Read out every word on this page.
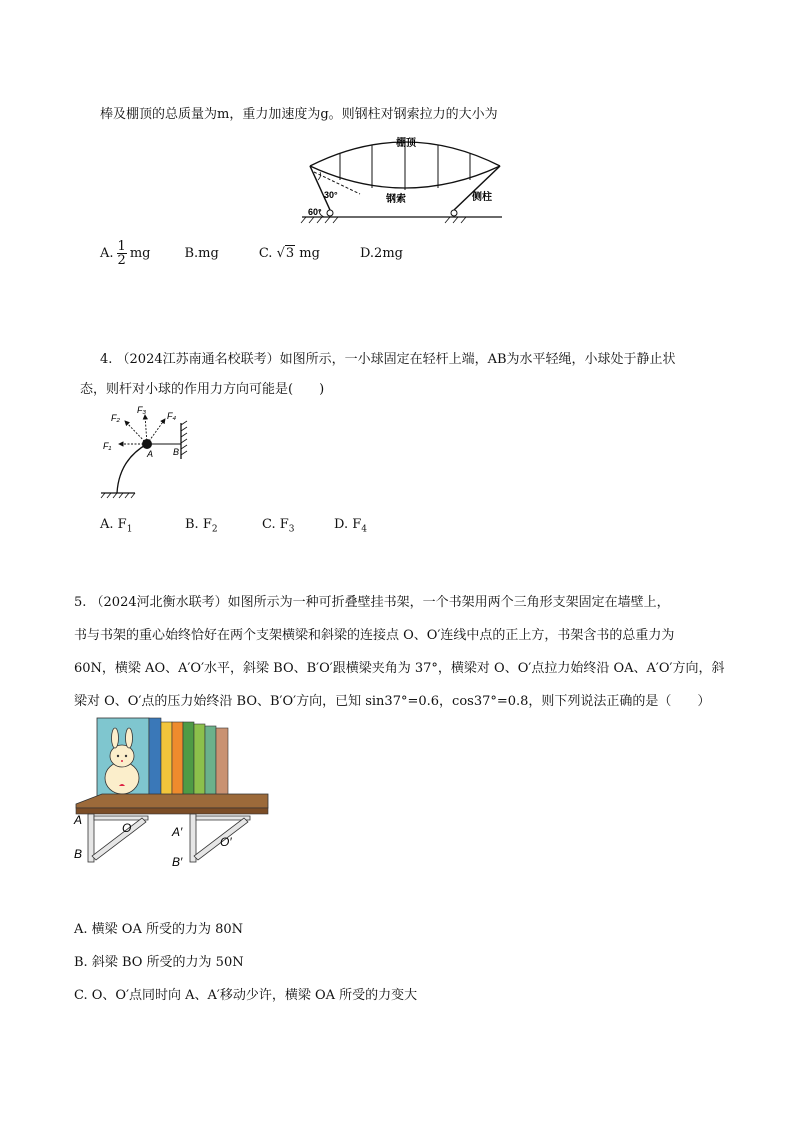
棒及棚顶的总质量为m，重力加速度为g。则钢柱对钢索拉力的大小为
棚顶
钢索	侧柱
30°
60°
A. $\frac{1}{2}$ mg	B.mg	C. √3 mg	D.2mg
4. （2024江苏南通名校联考）如图所示，一小球固定在轻杆上端，AB为水平轻绳，小球处于静止状
态，则杆对小球的作用力方向可能是(　　)
F₁
F₂
F₃
F₄
A B
A. $F_1$	B. $F_2$	C. $F_3$	D. $F_4$
5. （2024河北衡水联考）如图所示为一种可折叠壁挂书架，一个书架用两个三角形支架固定在墙壁上，
书与书架的重心始终恰好在两个支架横梁和斜梁的连接点 O、O′连线中点的正上方，书架含书的总重力为
60N，横梁 AO、A′O′水平，斜梁 BO、B′O′跟横梁夹角为 37°，横梁对 O、O′点拉力始终沿 OA、A′O′方向，斜
梁对 O、O′点的压力始终沿 BO、B′O′方向，已知 sin37°=0.6，cos37°=0.8，则下列说法正确的是（　　）
A
O
B
A′
O′
B′
A. 横梁 OA 所受的力为 80N
B. 斜梁 BO 所受的力为 50N
C. O、O′点同时向 A、A′移动少许，横梁 OA 所受的力变大
